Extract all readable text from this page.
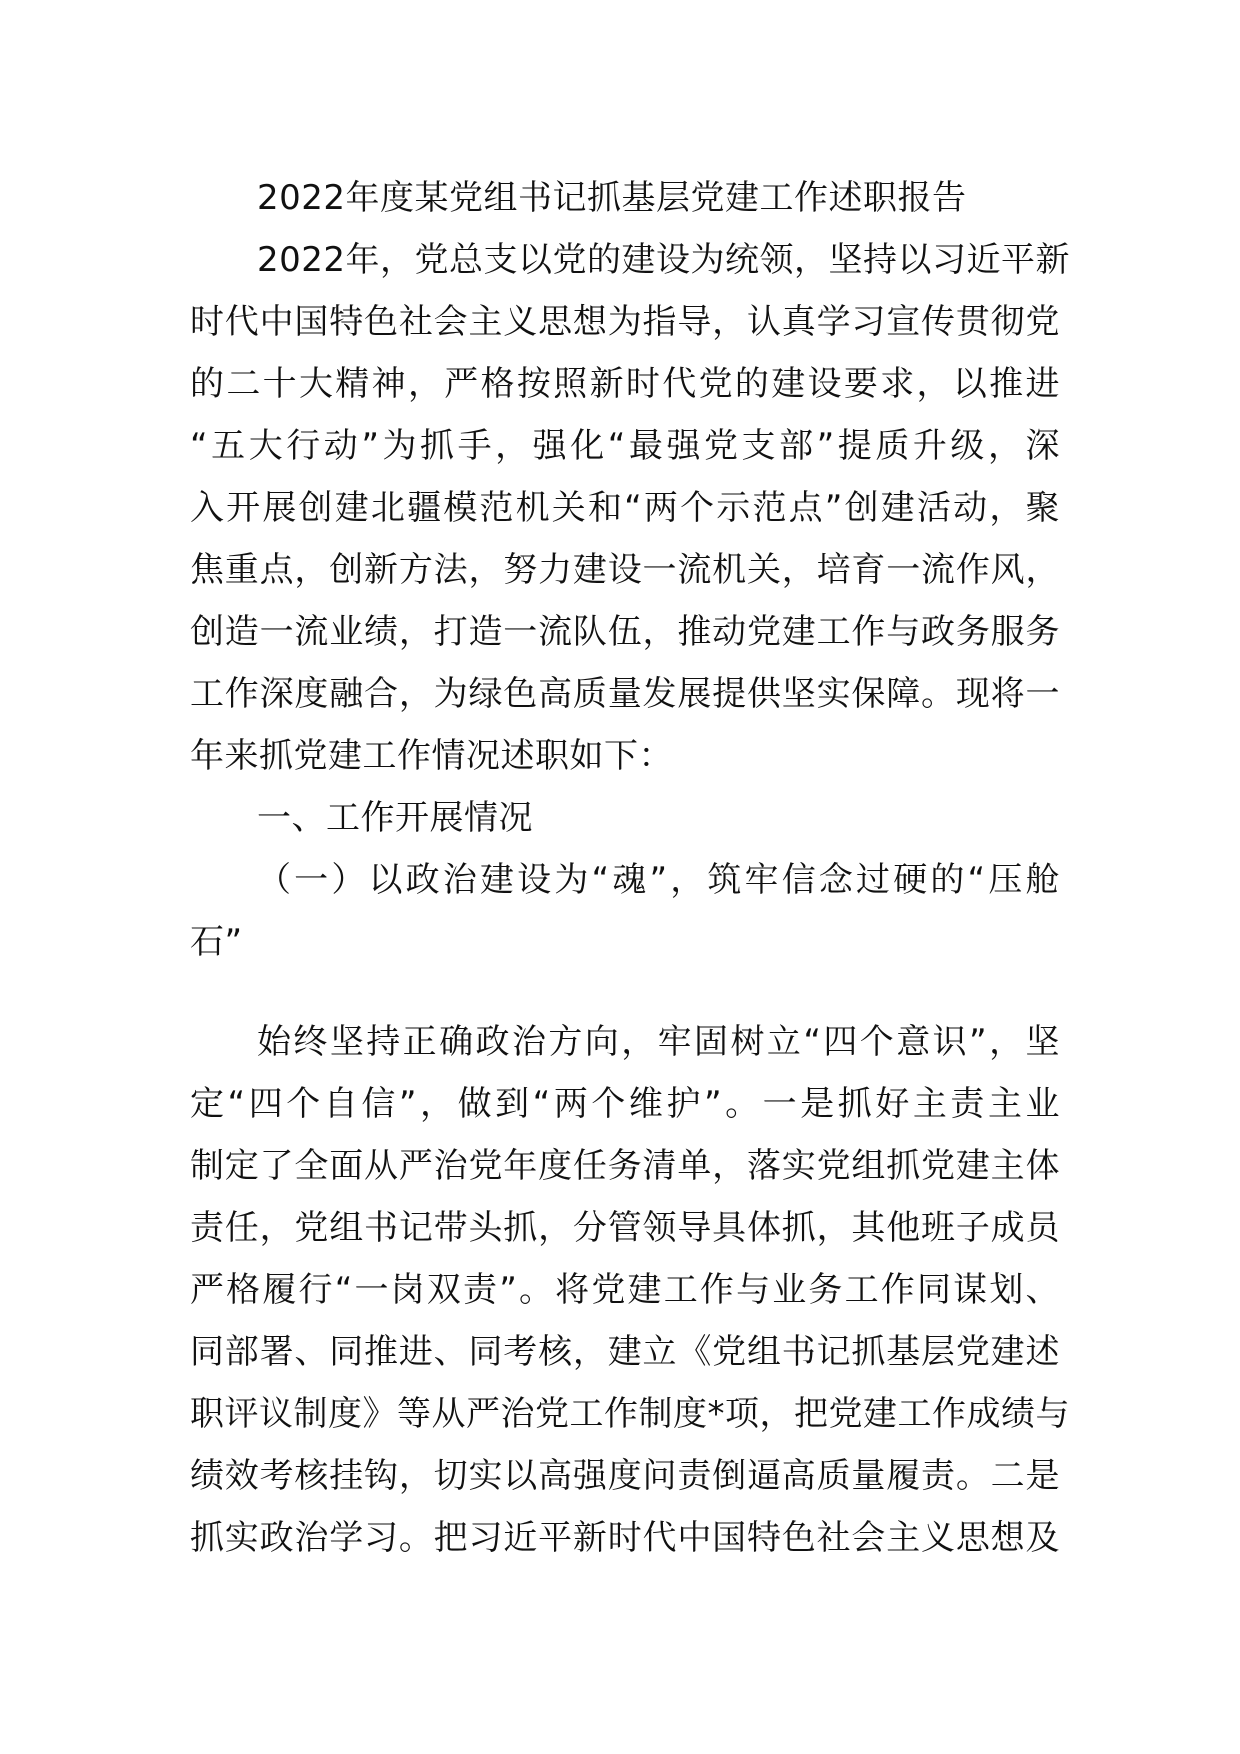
2022年度某党组书记抓基层党建工作述职报告
2022年，党总支以党的建设为统领，坚持以习近平新
时代中国特色社会主义思想为指导，认真学习宣传贯彻党
的二十大精神，严格按照新时代党的建设要求，以推进
“五大行动”为抓手，强化“最强党支部”提质升级，深
入开展创建北疆模范机关和“两个示范点”创建活动，聚
焦重点，创新方法，努力建设一流机关，培育一流作风，
创造一流业绩，打造一流队伍，推动党建工作与政务服务
工作深度融合，为绿色高质量发展提供坚实保障。现将一
年来抓党建工作情况述职如下：
一、工作开展情况
（一）以政治建设为“魂”，筑牢信念过硬的“压舱
石”
始终坚持正确政治方向，牢固树立“四个意识”，坚
定“四个自信”，做到“两个维护”。一是抓好主责主业
制定了全面从严治党年度任务清单，落实党组抓党建主体
责任，党组书记带头抓，分管领导具体抓，其他班子成员
严格履行“一岗双责”。将党建工作与业务工作同谋划、
同部署、同推进、同考核，建立《党组书记抓基层党建述
职评议制度》等从严治党工作制度*项，把党建工作成绩与
绩效考核挂钩，切实以高强度问责倒逼高质量履责。二是
抓实政治学习。把习近平新时代中国特色社会主义思想及
